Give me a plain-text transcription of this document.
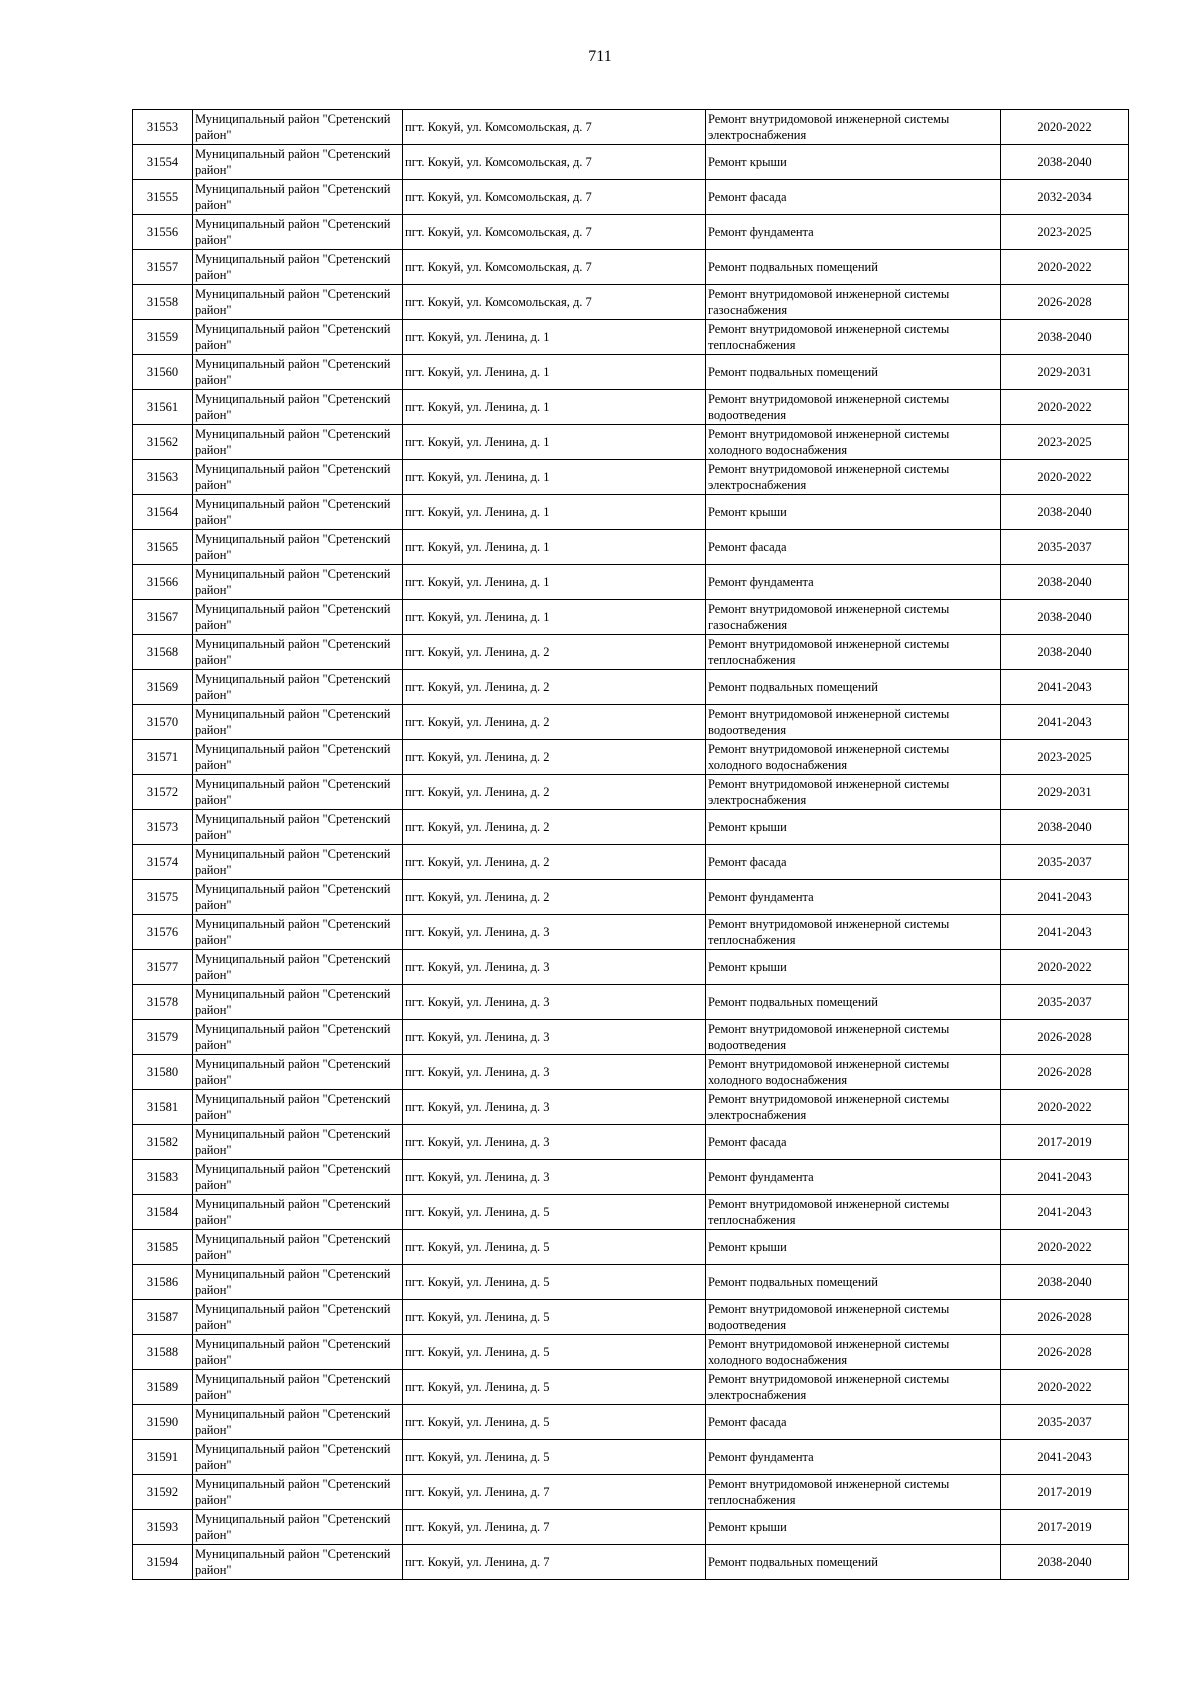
711
31553	Муниципальный район "Сретенский район"	пгт. Кокуй, ул. Комсомольская, д. 7	Ремонт внутридомовой инженерной системы электроснабжения	2020-2022

31554	Муниципальный район "Сретенский район"	пгт. Кокуй, ул. Комсомольская, д. 7	Ремонт крыши	2038-2040

31555	Муниципальный район "Сретенский район"	пгт. Кокуй, ул. Комсомольская, д. 7	Ремонт фасада	2032-2034

31556	Муниципальный район "Сретенский район"	пгт. Кокуй, ул. Комсомольская, д. 7	Ремонт фундамента	2023-2025

31557	Муниципальный район "Сретенский район"	пгт. Кокуй, ул. Комсомольская, д. 7	Ремонт подвальных помещений	2020-2022

31558	Муниципальный район "Сретенский район"	пгт. Кокуй, ул. Комсомольская, д. 7	Ремонт внутридомовой инженерной системы газоснабжения	2026-2028

31559	Муниципальный район "Сретенский район"	пгт. Кокуй, ул. Ленина, д. 1	Ремонт внутридомовой инженерной системы теплоснабжения	2038-2040

31560	Муниципальный район "Сретенский район"	пгт. Кокуй, ул. Ленина, д. 1	Ремонт подвальных помещений	2029-2031

31561	Муниципальный район "Сретенский район"	пгт. Кокуй, ул. Ленина, д. 1	Ремонт внутридомовой инженерной системы водоотведения	2020-2022

31562	Муниципальный район "Сретенский район"	пгт. Кокуй, ул. Ленина, д. 1	Ремонт внутридомовой инженерной системы холодного водоснабжения	2023-2025

31563	Муниципальный район "Сретенский район"	пгт. Кокуй, ул. Ленина, д. 1	Ремонт внутридомовой инженерной системы электроснабжения	2020-2022

31564	Муниципальный район "Сретенский район"	пгт. Кокуй, ул. Ленина, д. 1	Ремонт крыши	2038-2040

31565	Муниципальный район "Сретенский район"	пгт. Кокуй, ул. Ленина, д. 1	Ремонт фасада	2035-2037

31566	Муниципальный район "Сретенский район"	пгт. Кокуй, ул. Ленина, д. 1	Ремонт фундамента	2038-2040

31567	Муниципальный район "Сретенский район"	пгт. Кокуй, ул. Ленина, д. 1	Ремонт внутридомовой инженерной системы газоснабжения	2038-2040

31568	Муниципальный район "Сретенский район"	пгт. Кокуй, ул. Ленина, д. 2	Ремонт внутридомовой инженерной системы теплоснабжения	2038-2040

31569	Муниципальный район "Сретенский район"	пгт. Кокуй, ул. Ленина, д. 2	Ремонт подвальных помещений	2041-2043

31570	Муниципальный район "Сретенский район"	пгт. Кокуй, ул. Ленина, д. 2	Ремонт внутридомовой инженерной системы водоотведения	2041-2043

31571	Муниципальный район "Сретенский район"	пгт. Кокуй, ул. Ленина, д. 2	Ремонт внутридомовой инженерной системы холодного водоснабжения	2023-2025

31572	Муниципальный район "Сретенский район"	пгт. Кокуй, ул. Ленина, д. 2	Ремонт внутридомовой инженерной системы электроснабжения	2029-2031

31573	Муниципальный район "Сретенский район"	пгт. Кокуй, ул. Ленина, д. 2	Ремонт крыши	2038-2040

31574	Муниципальный район "Сретенский район"	пгт. Кокуй, ул. Ленина, д. 2	Ремонт фасада	2035-2037

31575	Муниципальный район "Сретенский район"	пгт. Кокуй, ул. Ленина, д. 2	Ремонт фундамента	2041-2043

31576	Муниципальный район "Сретенский район"	пгт. Кокуй, ул. Ленина, д. 3	Ремонт внутридомовой инженерной системы теплоснабжения	2041-2043

31577	Муниципальный район "Сретенский район"	пгт. Кокуй, ул. Ленина, д. 3	Ремонт крыши	2020-2022

31578	Муниципальный район "Сретенский район"	пгт. Кокуй, ул. Ленина, д. 3	Ремонт подвальных помещений	2035-2037

31579	Муниципальный район "Сретенский район"	пгт. Кокуй, ул. Ленина, д. 3	Ремонт внутридомовой инженерной системы водоотведения	2026-2028

31580	Муниципальный район "Сретенский район"	пгт. Кокуй, ул. Ленина, д. 3	Ремонт внутридомовой инженерной системы холодного водоснабжения	2026-2028

31581	Муниципальный район "Сретенский район"	пгт. Кокуй, ул. Ленина, д. 3	Ремонт внутридомовой инженерной системы электроснабжения	2020-2022

31582	Муниципальный район "Сретенский район"	пгт. Кокуй, ул. Ленина, д. 3	Ремонт фасада	2017-2019

31583	Муниципальный район "Сретенский район"	пгт. Кокуй, ул. Ленина, д. 3	Ремонт фундамента	2041-2043

31584	Муниципальный район "Сретенский район"	пгт. Кокуй, ул. Ленина, д. 5	Ремонт внутридомовой инженерной системы теплоснабжения	2041-2043

31585	Муниципальный район "Сретенский район"	пгт. Кокуй, ул. Ленина, д. 5	Ремонт крыши	2020-2022

31586	Муниципальный район "Сретенский район"	пгт. Кокуй, ул. Ленина, д. 5	Ремонт подвальных помещений	2038-2040

31587	Муниципальный район "Сретенский район"	пгт. Кокуй, ул. Ленина, д. 5	Ремонт внутридомовой инженерной системы водоотведения	2026-2028

31588	Муниципальный район "Сретенский район"	пгт. Кокуй, ул. Ленина, д. 5	Ремонт внутридомовой инженерной системы холодного водоснабжения	2026-2028

31589	Муниципальный район "Сретенский район"	пгт. Кокуй, ул. Ленина, д. 5	Ремонт внутридомовой инженерной системы электроснабжения	2020-2022

31590	Муниципальный район "Сретенский район"	пгт. Кокуй, ул. Ленина, д. 5	Ремонт фасада	2035-2037

31591	Муниципальный район "Сретенский район"	пгт. Кокуй, ул. Ленина, д. 5	Ремонт фундамента	2041-2043

31592	Муниципальный район "Сретенский район"	пгт. Кокуй, ул. Ленина, д. 7	Ремонт внутридомовой инженерной системы теплоснабжения	2017-2019

31593	Муниципальный район "Сретенский район"	пгт. Кокуй, ул. Ленина, д. 7	Ремонт крыши	2017-2019

31594	Муниципальный район "Сретенский район"	пгт. Кокуй, ул. Ленина, д. 7	Ремонт подвальных помещений	2038-2040
